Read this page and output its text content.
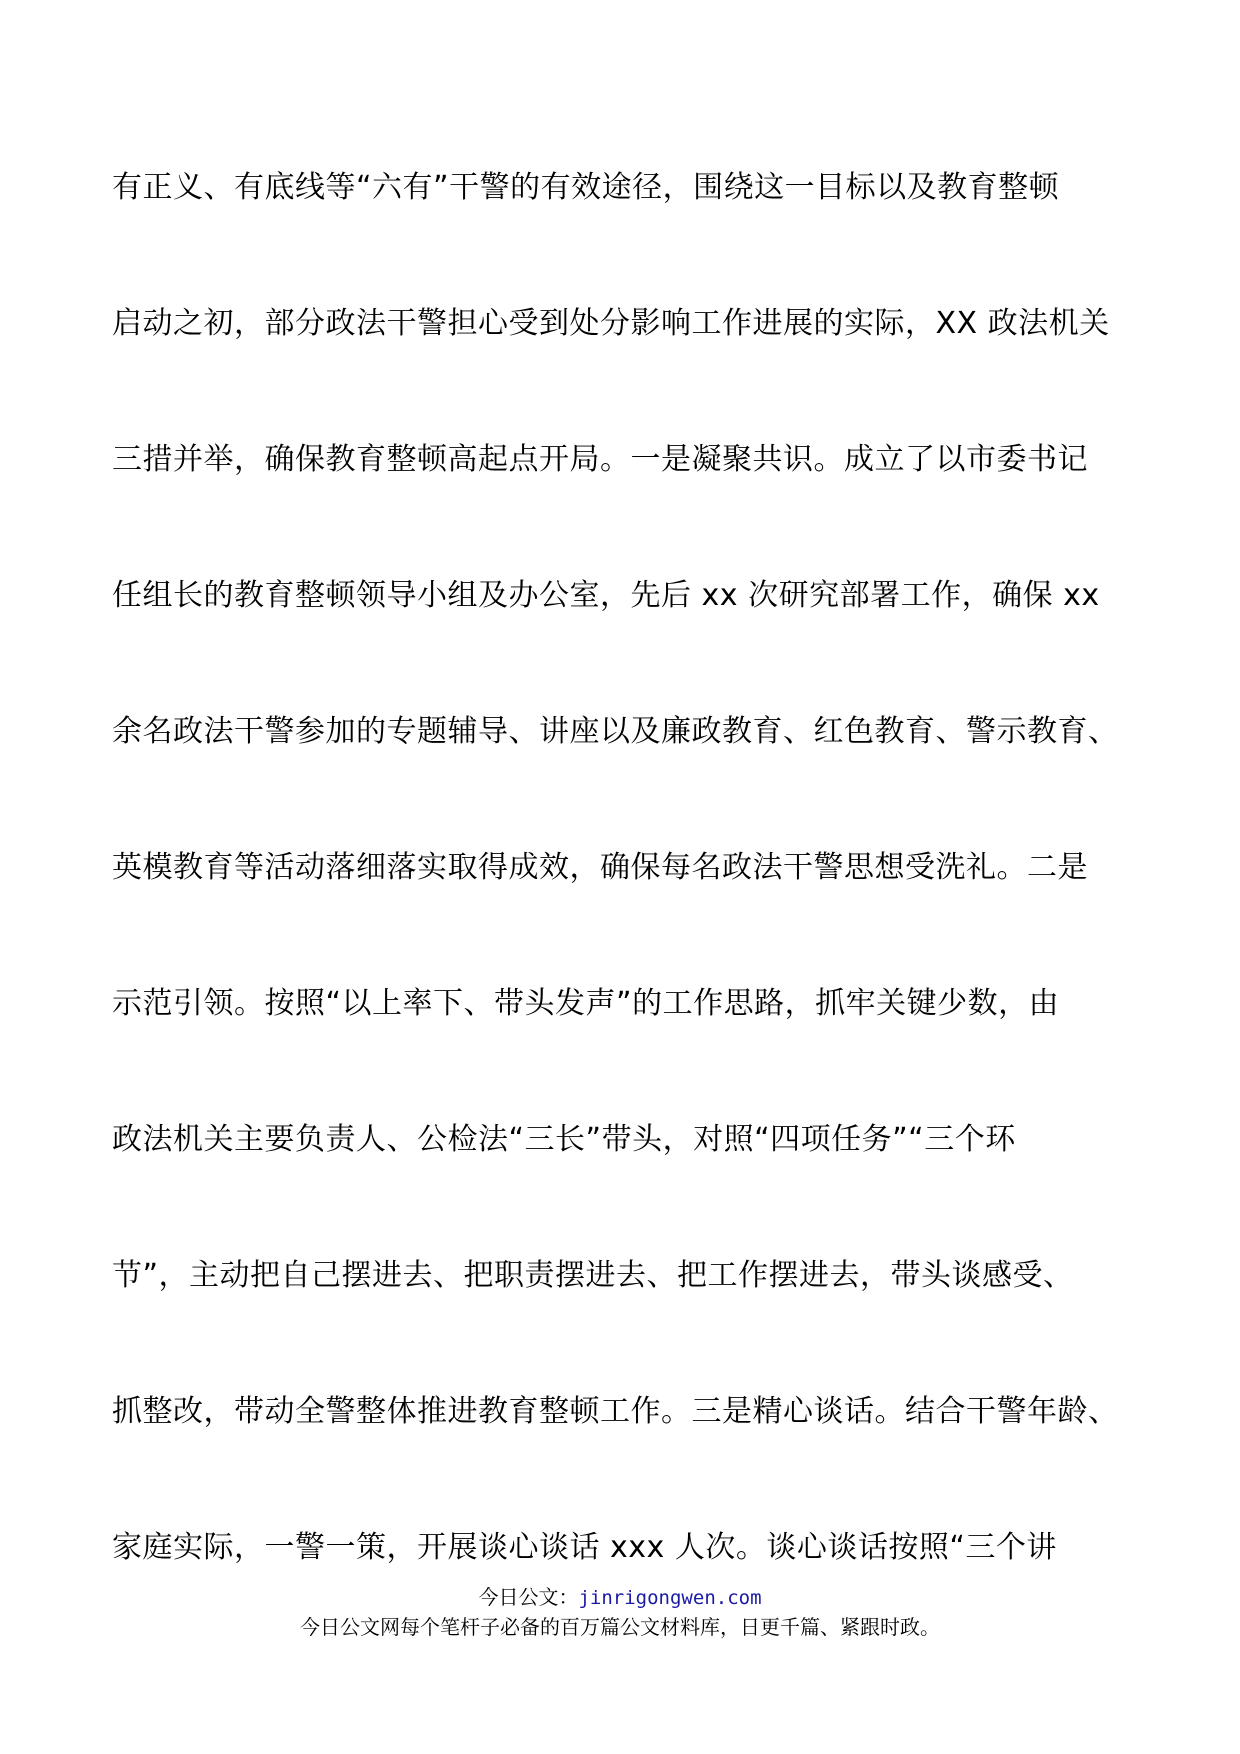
有正义、有底线等“六有”干警的有效途径，围绕这一目标以及教育整顿
启动之初，部分政法干警担心受到处分影响工作进展的实际，XX 政法机关
三措并举，确保教育整顿高起点开局。一是凝聚共识。成立了以市委书记
任组长的教育整顿领导小组及办公室，先后 xx 次研究部署工作，确保 xx
余名政法干警参加的专题辅导、讲座以及廉政教育、红色教育、警示教育、
英模教育等活动落细落实取得成效，确保每名政法干警思想受洗礼。二是
示范引领。按照“以上率下、带头发声”的工作思路，抓牢关键少数，由
政法机关主要负责人、公检法“三长”带头，对照“四项任务”“三个环
节”，主动把自己摆进去、把职责摆进去、把工作摆进去，带头谈感受、
抓整改，带动全警整体推进教育整顿工作。三是精心谈话。结合干警年龄、
家庭实际，一警一策，开展谈心谈话 xxx 人次。谈心谈话按照“三个讲
今日公文：jinrigongwen.com
今日公文网每个笔杆子必备的百万篇公文材料库，日更千篇、紧跟时政。
